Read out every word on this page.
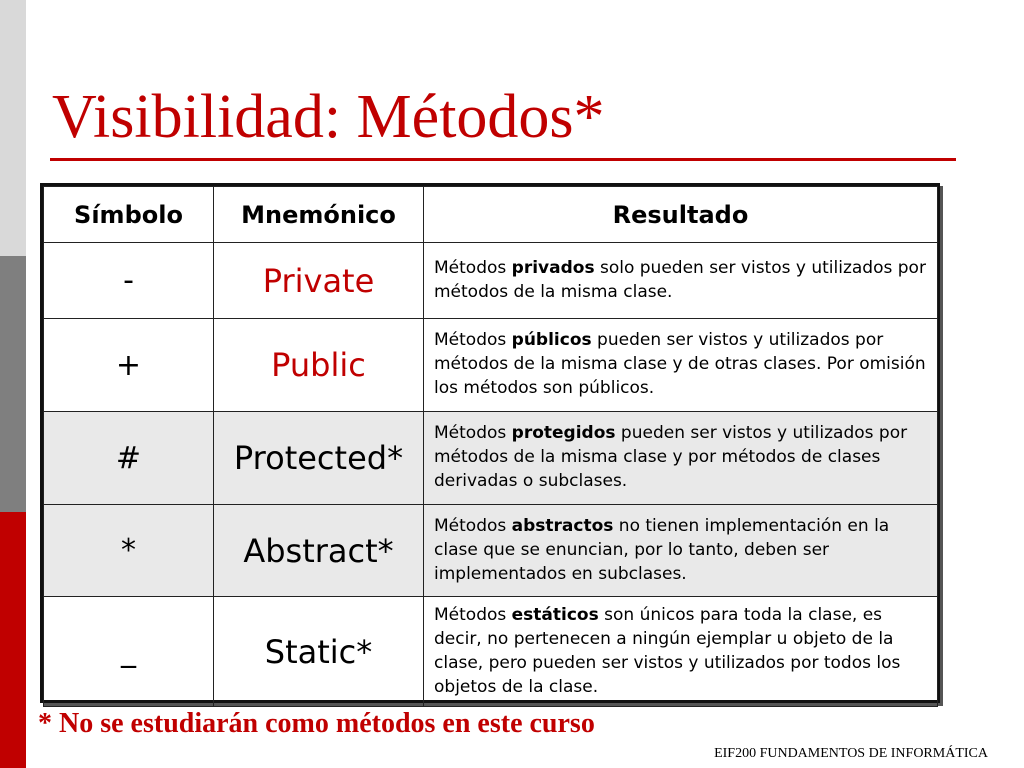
Visibilidad: Métodos*
Símbolo	Mnemónico	Resultado
-	Private	Métodos privados solo pueden ser vistos y utilizados por métodos de la misma clase.
+	Public	Métodos públicos pueden ser vistos y utilizados por métodos de la misma clase y de otras clases. Por omisión los métodos son públicos.
#	Protected*	Métodos protegidos pueden ser vistos y utilizados por métodos de la misma clase y por métodos de clases derivadas o subclases.
*	Abstract*	Métodos abstractos no tienen implementación en la clase que se enuncian, por lo tanto, deben ser implementados en subclases.
_	Static*	Métodos estáticos son únicos para toda la clase, es decir, no pertenecen a ningún ejemplar u objeto de la clase, pero pueden ser vistos y utilizados por todos los objetos de la clase.
* No se estudiarán como métodos en este curso
EIF200 FUNDAMENTOS DE INFORMÁTICA
